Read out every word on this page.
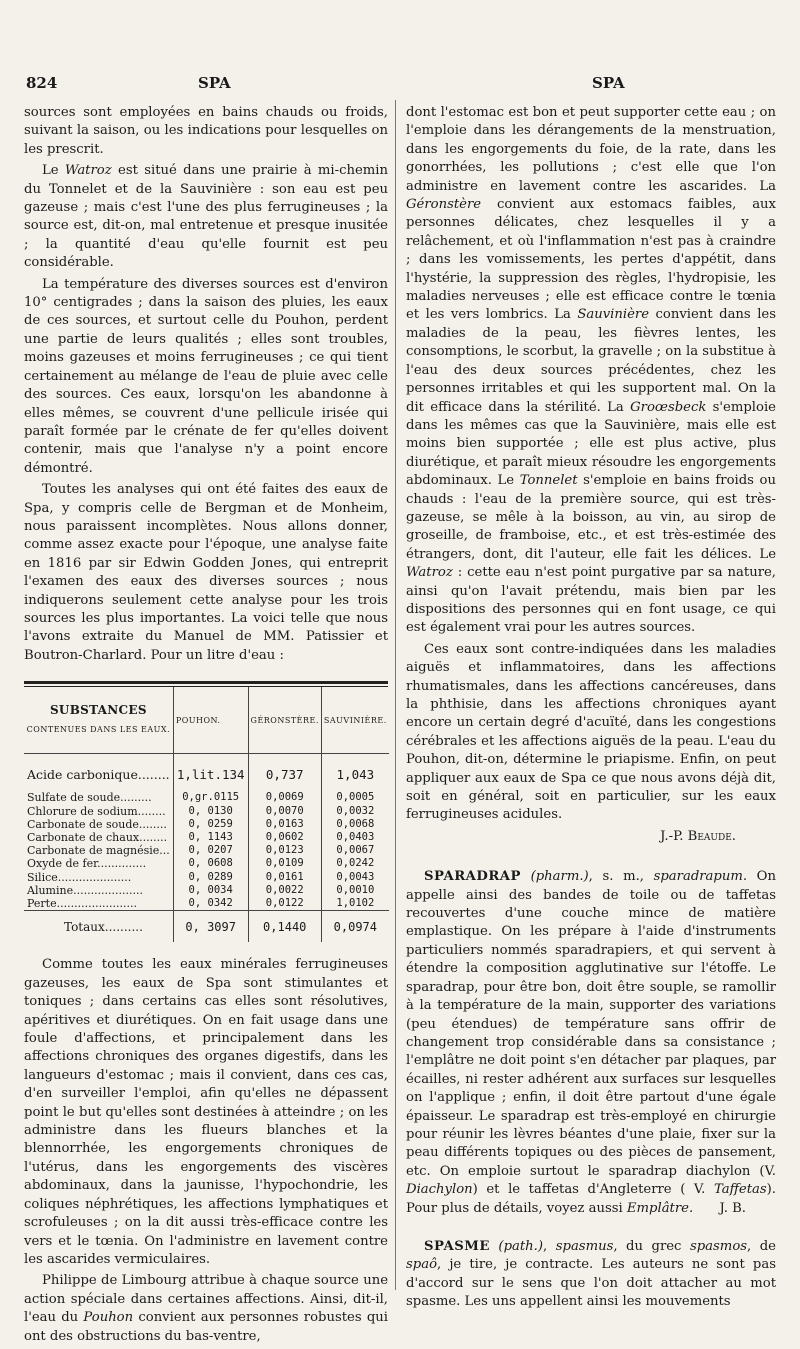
824	SPA	SPA

sources sont employées en bains chauds ou froids, suivant la saison, ou les indications pour lesquelles on les prescrit.

Le Watroz est situé dans une prairie à mi-chemin du Tonnelet et de la Sauvinière : son eau est peu gazeuse ; mais c'est l'une des plus ferrugineuses ; la source est, dit-on, mal entretenue et presque inusitée ; la quantité d'eau qu'elle fournit est peu considérable.

La température des diverses sources est d'environ 10° centigrades ; dans la saison des pluies, les eaux de ces sources, et surtout celle du Pouhon, perdent une partie de leurs qualités ; elles sont troubles, moins gazeuses et moins ferrugineuses ; ce qui tient certainement au mélange de l'eau de pluie avec celle des sources. Ces eaux, lorsqu'on les abandonne à elles mêmes, se couvrent d'une pellicule irisée qui paraît formée par le crénate de fer qu'elles doivent contenir, mais que l'analyse n'y a point encore démontré.

Toutes les analyses qui ont été faites des eaux de Spa, y compris celle de Bergman et de Monheim, nous paraissent incomplètes. Nous allons donner, comme assez exacte pour l'époque, une analyse faite en 1816 par sir Edwin Godden Jones, qui entreprit l'examen des eaux des diverses sources ; nous indiquerons seulement cette analyse pour les trois sources les plus importantes. La voici telle que nous l'avons extraite du Manuel de MM. Patissier et Boutron-Charlard. Pour un litre d'eau :

SUBSTANCES
CONTENUES DANS LES EAUX.	POUHON.	GÉRONSTÈRE.	SAUVINIÈRE.
Acide carbonique........	1,lit.134	0,737	1,043
Sulfate de soude.........	0,gr.0115	0,0069	0,0005
Chlorure de sodium........	0, 0130	0,0070	0,0032
Carbonate de soude........	0, 0259	0,0163	0,0068
Carbonate de chaux........	0, 1143	0,0602	0,0403
Carbonate de magnésie...	0, 0207	0,0123	0,0067
Oxyde de fer..............	0, 0608	0,0109	0,0242
Silice.....................	0, 0289	0,0161	0,0043
Alumine....................	0, 0034	0,0022	0,0010
Perte.......................	0, 0342	0,0122	1,0102
Totaux..........	0, 3097	0,1440	0,0974

Comme toutes les eaux minérales ferrugineuses gazeuses, les eaux de Spa sont stimulantes et toniques ; dans certains cas elles sont résolutives, apéritives et diurétiques. On en fait usage dans une foule d'affections, et principalement dans les affections chroniques des organes digestifs, dans les langueurs d'estomac ; mais il convient, dans ces cas, d'en surveiller l'emploi, afin qu'elles ne dépassent point le but qu'elles sont destinées à atteindre ; on les administre dans les flueurs blanches et la blennorrhée, les engorgements chroniques de l'utérus, dans les engorgements des viscères abdominaux, dans la jaunisse, l'hypochondrie, les coliques néphrétiques, les affections lymphatiques et scrofuleuses ; on la dit aussi très-efficace contre les vers et le tœnia. On l'administre en lavement contre les ascarides vermiculaires.

Philippe de Limbourg attribue à chaque source une action spéciale dans certaines affections. Ainsi, dit-il, l'eau du Pouhon convient aux personnes robustes qui ont des obstructions du bas-ventre,

dont l'estomac est bon et peut supporter cette eau ; on l'emploie dans les dérangements de la menstruation, dans les engorgements du foie, de la rate, dans les gonorrhées, les pollutions ; c'est elle que l'on administre en lavement contre les ascarides. La Géronstère convient aux estomacs faibles, aux personnes délicates, chez lesquelles il y a relâchement, et où l'inflammation n'est pas à craindre ; dans les vomissements, les pertes d'appétit, dans l'hystérie, la suppression des règles, l'hydropisie, les maladies nerveuses ; elle est efficace contre le tœnia et les vers lombrics. La Sauvinière convient dans les maladies de la peau, les fièvres lentes, les consomptions, le scorbut, la gravelle ; on la substitue à l'eau des deux sources précédentes, chez les personnes irritables et qui les supportent mal. On la dit efficace dans la stérilité. La Groœsbeck s'emploie dans les mêmes cas que la Sauvinière, mais elle est moins bien supportée ; elle est plus active, plus diurétique, et paraît mieux résoudre les engorgements abdominaux. Le Tonnelet s'emploie en bains froids ou chauds : l'eau de la première source, qui est très-gazeuse, se mêle à la boisson, au vin, au sirop de groseille, de framboise, etc., et est très-estimée des étrangers, dont, dit l'auteur, elle fait les délices. Le Watroz : cette eau n'est point purgative par sa nature, ainsi qu'on l'avait prétendu, mais bien par les dispositions des personnes qui en font usage, ce qui est également vrai pour les autres sources.

Ces eaux sont contre-indiquées dans les maladies aiguës et inflammatoires, dans les affections rhumatismales, dans les affections cancéreuses, dans la phthisie, dans les affections chroniques ayant encore un certain degré d'acuïté, dans les congestions cérébrales et les affections aiguës de la peau. L'eau du Pouhon, dit-on, détermine le priapisme. Enfin, on peut appliquer aux eaux de Spa ce que nous avons déjà dit, soit en général, soit en particulier, sur les eaux ferrugineuses acidules.

J.-P. Beaude.

SPARADRAP (pharm.), s. m., sparadrapum. On appelle ainsi des bandes de toile ou de taffetas recouvertes d'une couche mince de matière emplastique. On les prépare à l'aide d'instruments particuliers nommés sparadrapiers, et qui servent à étendre la composition agglutinative sur l'étoffe. Le sparadrap, pour être bon, doit être souple, se ramollir à la température de la main, supporter des variations (peu étendues) de température sans offrir de changement trop considérable dans sa consistance ; l'emplâtre ne doit point s'en détacher par plaques, par écailles, ni rester adhérent aux surfaces sur lesquelles on l'applique ; enfin, il doit être partout d'une égale épaisseur. Le sparadrap est très-employé en chirurgie pour réunir les lèvres béantes d'une plaie, fixer sur la peau différents topiques ou des pièces de pansement, etc. On emploie surtout le sparadrap diachylon (V. Diachylon) et le taffetas d'Angleterre ( V. Taffetas). Pour plus de détails, voyez aussi Emplâtre.	J. B.

SPASME (path.), spasmus, du grec spasmos, de spaô, je tire, je contracte. Les auteurs ne sont pas d'accord sur le sens que l'on doit attacher au mot spasme. Les uns appellent ainsi les mouvements
